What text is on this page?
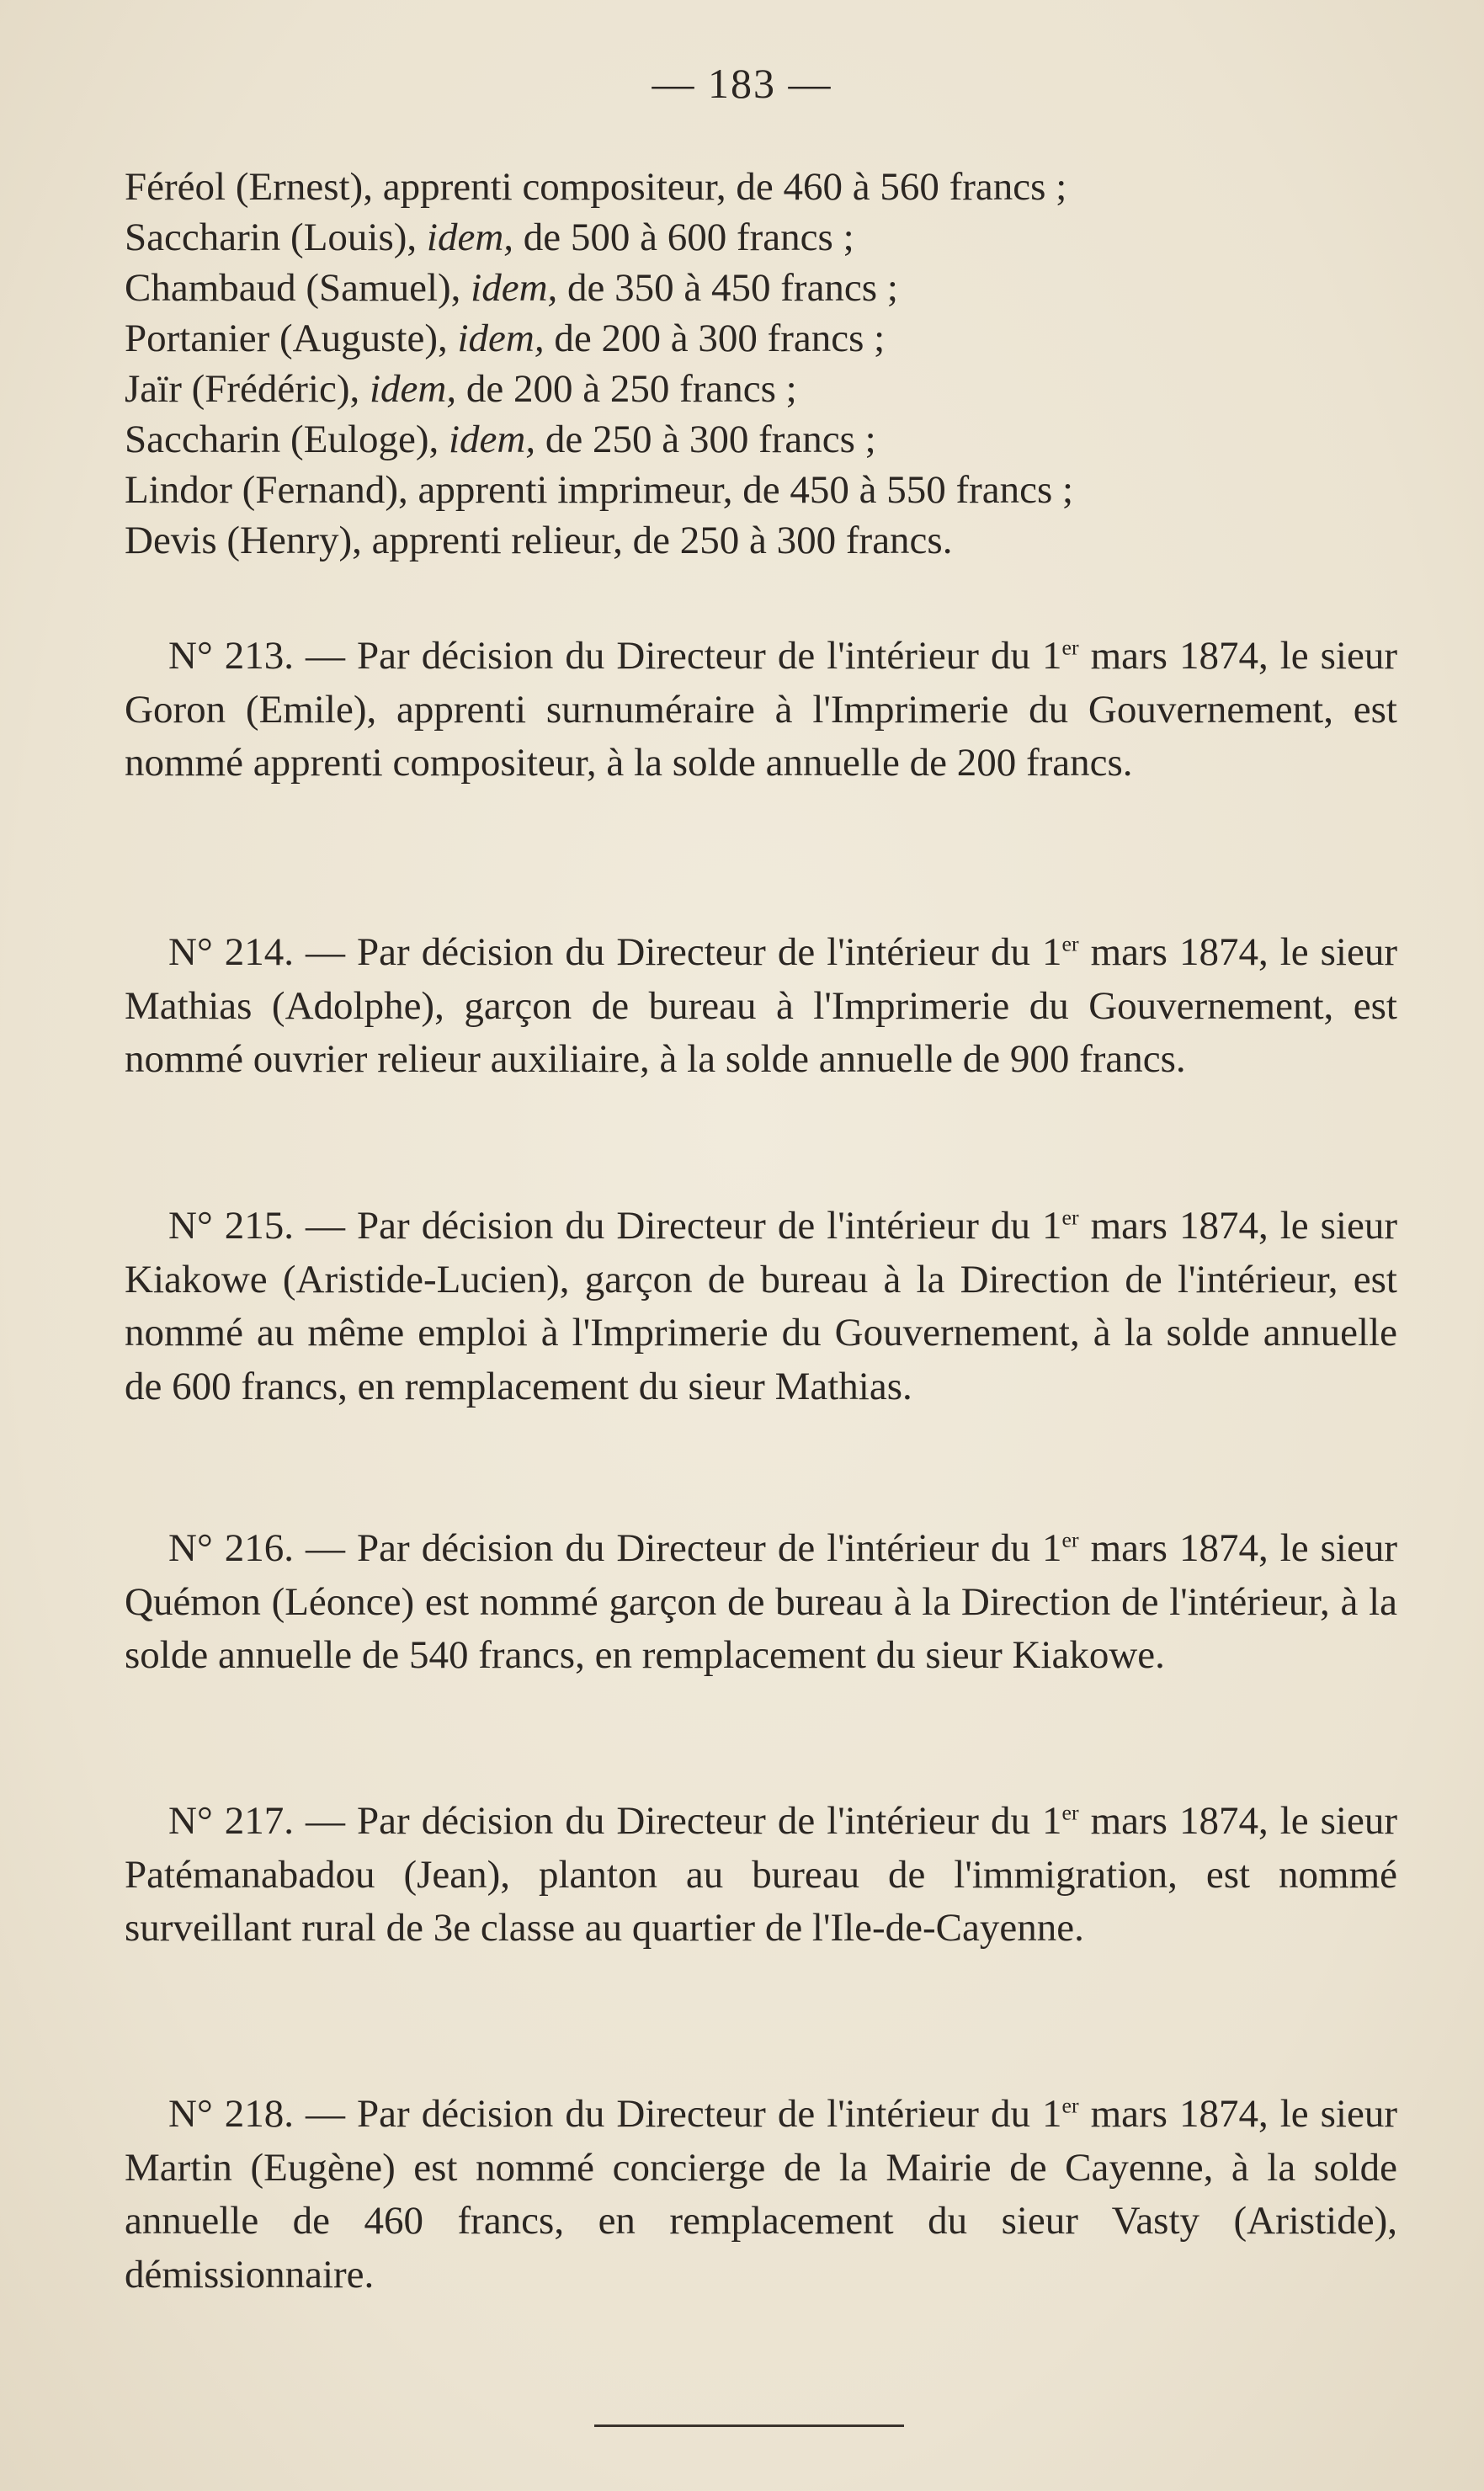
— 183 —
Féréol (Ernest), apprenti compositeur, de 460 à 560 francs ;
Saccharin (Louis), idem, de 500 à 600 francs ;
Chambaud (Samuel), idem, de 350 à 450 francs ;
Portanier (Auguste), idem, de 200 à 300 francs ;
Jaïr (Frédéric), idem, de 200 à 250 francs ;
Saccharin (Euloge), idem, de 250 à 300 francs ;
Lindor (Fernand), apprenti imprimeur, de 450 à 550 francs ;
Devis (Henry), apprenti relieur, de 250 à 300 francs.

N° 213. — Par décision du Directeur de l'intérieur du 1er mars 1874, le sieur Goron (Emile), apprenti surnuméraire à l'Imprimerie du Gouvernement, est nommé apprenti compositeur, à la solde annuelle de 200 francs.

N° 214. — Par décision du Directeur de l'intérieur du 1er mars 1874, le sieur Mathias (Adolphe), garçon de bureau à l'Imprimerie du Gouvernement, est nommé ouvrier relieur auxiliaire, à la solde annuelle de 900 francs.

N° 215. — Par décision du Directeur de l'intérieur du 1er mars 1874, le sieur Kiakowe (Aristide-Lucien), garçon de bureau à la Direction de l'intérieur, est nommé au même emploi à l'Imprimerie du Gouvernement, à la solde annuelle de 600 francs, en remplacement du sieur Mathias.

N° 216. — Par décision du Directeur de l'intérieur du 1er mars 1874, le sieur Quémon (Léonce) est nommé garçon de bureau à la Direction de l'intérieur, à la solde annuelle de 540 francs, en remplacement du sieur Kiakowe.

N° 217. — Par décision du Directeur de l'intérieur du 1er mars 1874, le sieur Patémanabadou (Jean), planton au bureau de l'immigration, est nommé surveillant rural de 3e classe au quartier de l'Ile-de-Cayenne.

N° 218. — Par décision du Directeur de l'intérieur du 1er mars 1874, le sieur Martin (Eugène) est nommé concierge de la Mairie de Cayenne, à la solde annuelle de 460 francs, en remplacement du sieur Vasty (Aristide), démissionnaire.
